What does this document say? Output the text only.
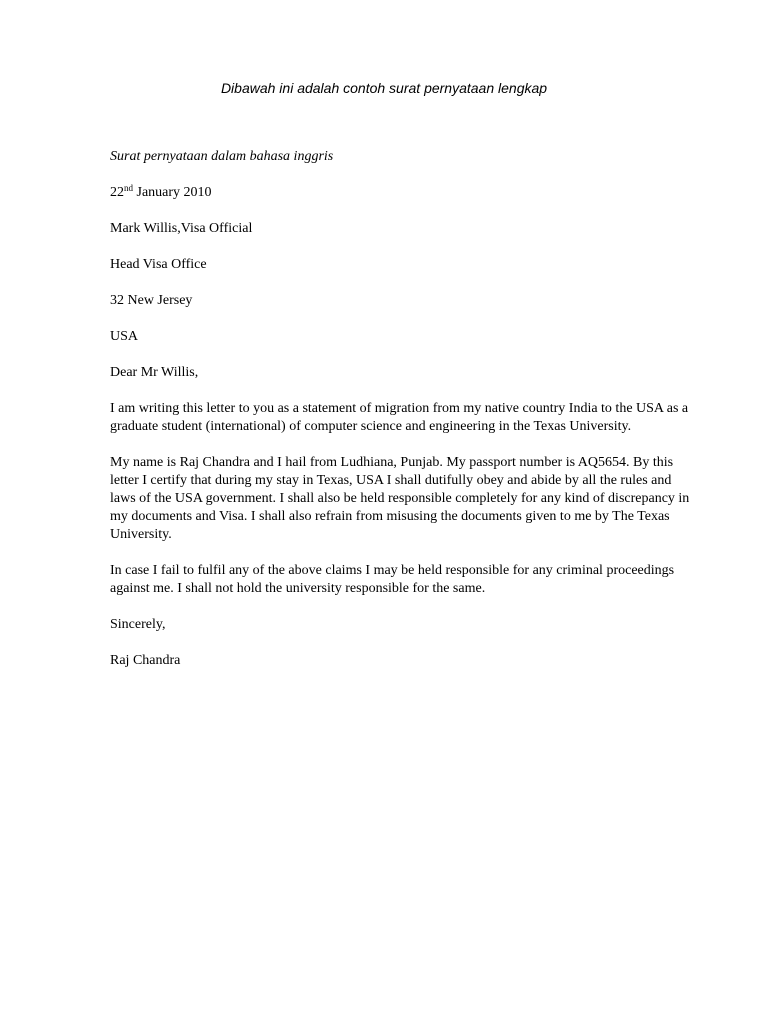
Dibawah ini adalah contoh surat pernyataan lengkap

Surat pernyataan dalam bahasa inggris

22nd January 2010

Mark Willis,Visa Official

Head Visa Office

32 New Jersey

USA

Dear Mr Willis,

I am writing this letter to you as a statement of migration from my native country India to the USA as a graduate student (international) of computer science and engineering in the Texas University.

My name is Raj Chandra and I hail from Ludhiana, Punjab. My passport number is AQ5654. By this letter I certify that during my stay in Texas, USA I shall dutifully obey and abide by all the rules and laws of the USA government. I shall also be held responsible completely for any kind of discrepancy in my documents and Visa. I shall also refrain from misusing the documents given to me by The Texas University.

In case I fail to fulfil any of the above claims I may be held responsible for any criminal proceedings against me. I shall not hold the university responsible for the same.

Sincerely,

Raj Chandra
